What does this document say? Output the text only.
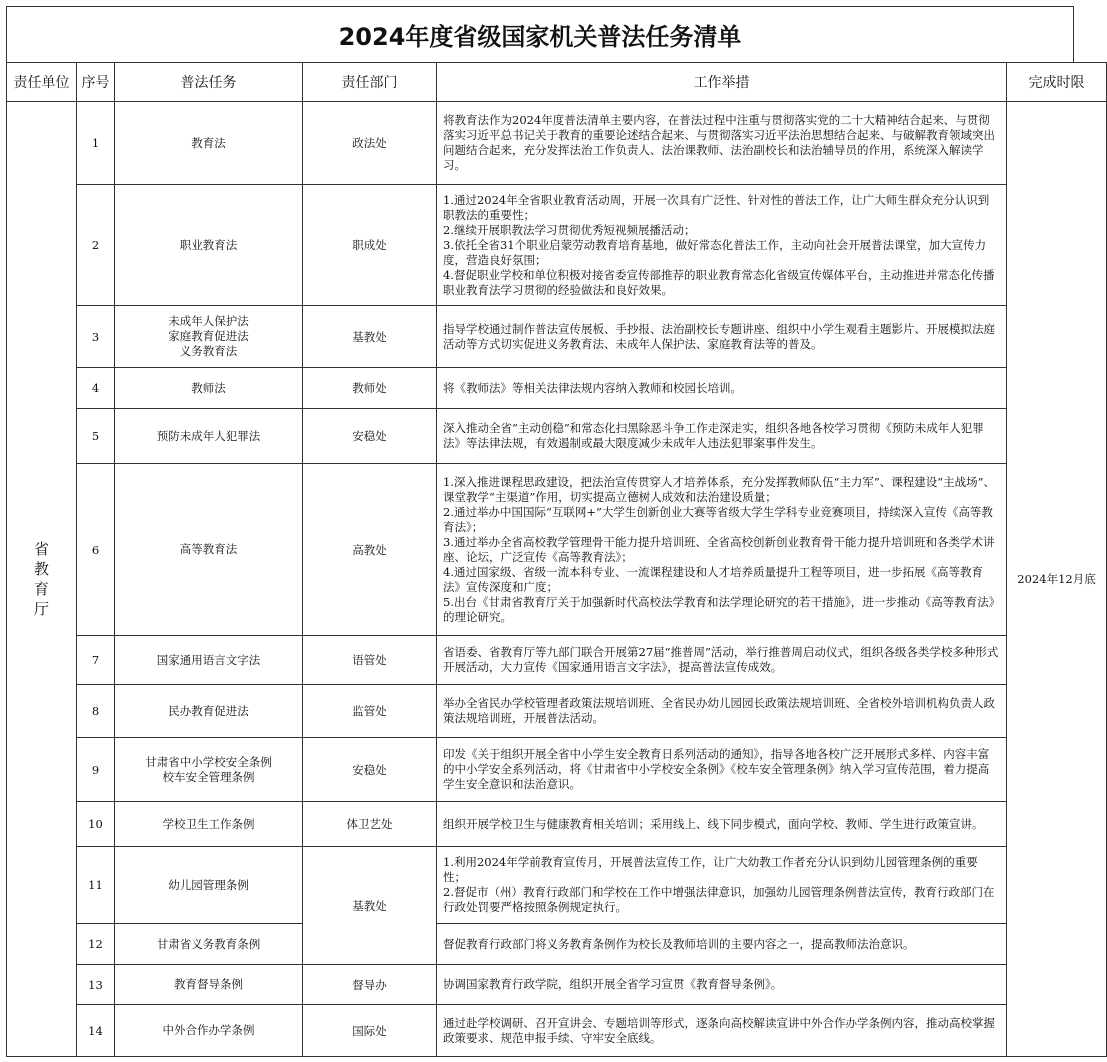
2024年度省级国家机关普法任务清单
责任单位	序号	普法任务	责任部门	工作举措	完成时限
省教育厅	1	教育法	政法处	将教育法作为2024年度普法清单主要内容，在普法过程中注重与贯彻落实党的二十大精神结合起来、与贯彻落实习近平总书记关于教育的重要论述结合起来、与贯彻落实习近平法治思想结合起来、与破解教育领域突出问题结合起来，充分发挥法治工作负责人、法治课教师、法治副校长和法治辅导员的作用，系统深入解读学习。	2024年12月底
	2	职业教育法	职成处	1.通过2024年全省职业教育活动周，开展一次具有广泛性、针对性的普法工作，让广大师生群众充分认识到职教法的重要性；
2.继续开展职教法学习贯彻优秀短视频展播活动；
3.依托全省31个职业启蒙劳动教育培育基地，做好常态化普法工作，主动向社会开展普法课堂，加大宣传力度，营造良好氛围；
4.督促职业学校和单位积极对接省委宣传部推荐的职业教育常态化省级宣传媒体平台，主动推进并常态化传播职业教育法学习贯彻的经验做法和良好效果。	
	3	未成年人保护法
家庭教育促进法
义务教育法	基教处	指导学校通过制作普法宣传展板、手抄报、法治副校长专题讲座、组织中小学生观看主题影片、开展模拟法庭活动等方式切实促进义务教育法、未成年人保护法、家庭教育法等的普及。	
	4	教师法	教师处	将《教师法》等相关法律法规内容纳入教师和校园长培训。	
	5	预防未成年人犯罪法	安稳处	深入推动全省“主动创稳”和常态化扫黑除恶斗争工作走深走实，组织各地各校学习贯彻《预防未成年人犯罪法》等法律法规，有效遏制或最大限度减少未成年人违法犯罪案事件发生。	
	6	高等教育法	高教处	1.深入推进课程思政建设，把法治宣传贯穿人才培养体系，充分发挥教师队伍“主力军”、课程建设“主战场”、课堂教学“主渠道”作用，切实提高立德树人成效和法治建设质量；
2.通过举办中国国际“互联网+”大学生创新创业大赛等省级大学生学科专业竞赛项目，持续深入宣传《高等教育法》；
3.通过举办全省高校教学管理骨干能力提升培训班、全省高校创新创业教育骨干能力提升培训班和各类学术讲座、论坛，广泛宣传《高等教育法》；
4.通过国家级、省级一流本科专业、一流课程建设和人才培养质量提升工程等项目，进一步拓展《高等教育法》宣传深度和广度；
5.出台《甘肃省教育厅关于加强新时代高校法学教育和法学理论研究的若干措施》，进一步推动《高等教育法》的理论研究。	
	7	国家通用语言文字法	语管处	省语委、省教育厅等九部门联合开展第27届“推普周”活动，举行推普周启动仪式，组织各级各类学校多种形式开展活动，大力宣传《国家通用语言文字法》，提高普法宣传成效。	
	8	民办教育促进法	监管处	举办全省民办学校管理者政策法规培训班、全省民办幼儿园园长政策法规培训班、全省校外培训机构负责人政策法规培训班，开展普法活动。	
	9	甘肃省中小学校安全条例
校车安全管理条例	安稳处	印发《关于组织开展全省中小学生安全教育日系列活动的通知》，指导各地各校广泛开展形式多样、内容丰富的中小学安全系列活动，将《甘肃省中小学校安全条例》《校车安全管理条例》纳入学习宣传范围，着力提高学生安全意识和法治意识。	
	10	学校卫生工作条例	体卫艺处	组织开展学校卫生与健康教育相关培训；采用线上、线下同步模式，面向学校、教师、学生进行政策宣讲。	
	11	幼儿园管理条例	基教处	1.利用2024年学前教育宣传月，开展普法宣传工作，让广大幼教工作者充分认识到幼儿园管理条例的重要性；
2.督促市（州）教育行政部门和学校在工作中增强法律意识，加强幼儿园管理条例普法宣传，教育行政部门在行政处罚要严格按照条例规定执行。	
	12	甘肃省义务教育条例		督促教育行政部门将义务教育条例作为校长及教师培训的主要内容之一，提高教师法治意识。	
	13	教育督导条例	督导办	协调国家教育行政学院，组织开展全省学习宣贯《教育督导条例》。	
	14	中外合作办学条例	国际处	通过赴学校调研、召开宣讲会、专题培训等形式，逐条向高校解读宣讲中外合作办学条例内容，推动高校掌握政策要求、规范申报手续、守牢安全底线。	
